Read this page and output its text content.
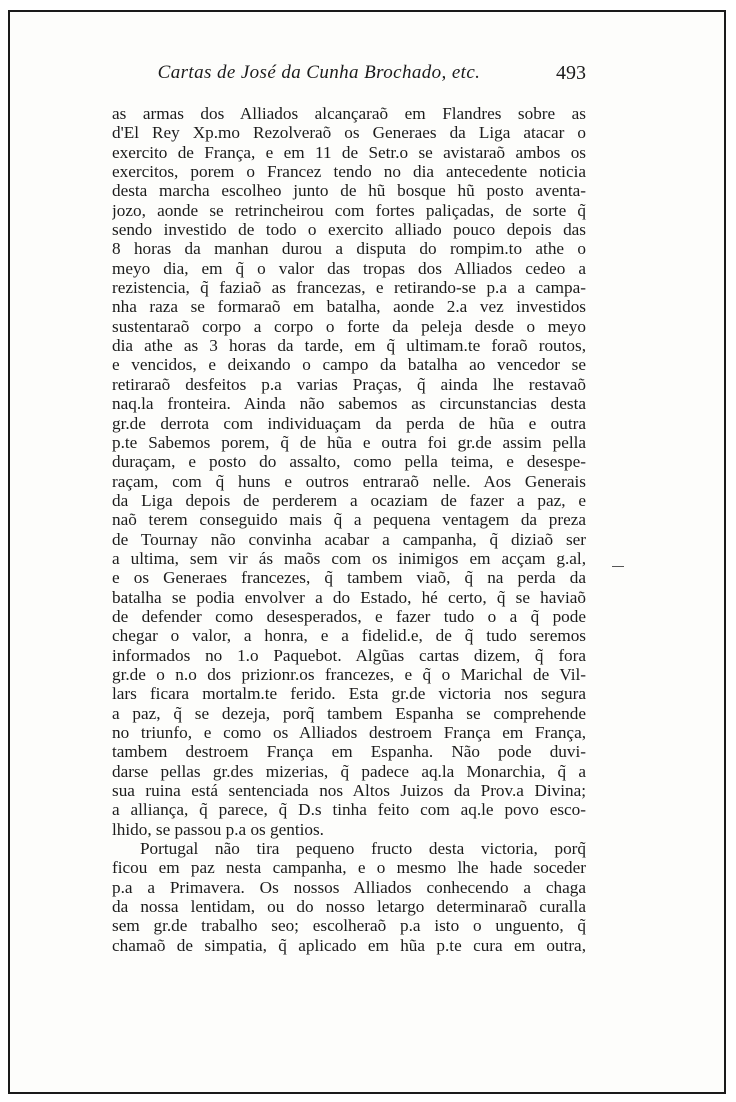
Cartas de José da Cunha Brochado, etc.	493
as armas dos Alliados alcançaraõ em Flandres sobre as
d'El Rey Xp.mo Rezolveraõ os Generaes da Liga atacar o
exercito de França, e em 11 de Setr.o se avistaraõ ambos os
exercitos, porem o Francez tendo no dia antecedente noticia
desta marcha escolheo junto de hũ bosque hũ posto aventa-
jozo, aonde se retrincheirou com fortes paliçadas, de sorte q̃
sendo investido de todo o exercito alliado pouco depois das
8 horas da manhan durou a disputa do rompim.to athe o
meyo dia, em q̃ o valor das tropas dos Alliados cedeo a
rezistencia, q̃ faziaõ as francezas, e retirando-se p.a a campa-
nha raza se formaraõ em batalha, aonde 2.a vez investidos
sustentaraõ corpo a corpo o forte da peleja desde o meyo
dia athe as 3 horas da tarde, em q̃ ultimam.te foraõ routos,
e vencidos, e deixando o campo da batalha ao vencedor se
retiraraõ desfeitos p.a varias Praças, q̃ ainda lhe restavaõ
naq.la fronteira. Ainda não sabemos as circunstancias desta
gr.de derrota com individuaçam da perda de hũa e outra
p.te Sabemos porem, q̃ de hũa e outra foi gr.de assim pella
duraçam, e posto do assalto, como pella teima, e desespe-
raçam, com q̃ huns e outros entraraõ nelle. Aos Generais
da Liga depois de perderem a ocaziam de fazer a paz, e
naõ terem conseguido mais q̃ a pequena ventagem da preza
de Tournay não convinha acabar a campanha, q̃ diziaõ ser
a ultima, sem vir ás maõs com os inimigos em acçam g.al,
e os Generaes francezes, q̃ tambem viaõ, q̃ na perda da
batalha se podia envolver a do Estado, hé certo, q̃ se haviaõ
de defender como desesperados, e fazer tudo o a q̃ pode
chegar o valor, a honra, e a fidelid.e, de q̃ tudo seremos
informados no 1.o Paquebot. Algũas cartas dizem, q̃ fora
gr.de o n.o dos prizionr.os francezes, e q̃ o Marichal de Vil-
lars ficara mortalm.te ferido. Esta gr.de victoria nos segura
a paz, q̃ se dezeja, porq̃ tambem Espanha se comprehende
no triunfo, e como os Alliados destroem França em França,
tambem destroem França em Espanha. Não pode duvi-
darse pellas gr.des mizerias, q̃ padece aq.la Monarchia, q̃ a
sua ruina está sentenciada nos Altos Juizos da Prov.a Divina;
a alliança, q̃ parece, q̃ D.s tinha feito com aq.le povo esco-
lhido, se passou p.a os gentios.
Portugal não tira pequeno fructo desta victoria, porq̃
ficou em paz nesta campanha, e o mesmo lhe hade soceder
p.a a Primavera. Os nossos Alliados conhecendo a chaga
da nossa lentidam, ou do nosso letargo determinaraõ curalla
sem gr.de trabalho seo; escolheraõ p.a isto o unguento, q̃
chamaõ de simpatia, q̃ aplicado em hũa p.te cura em outra,
